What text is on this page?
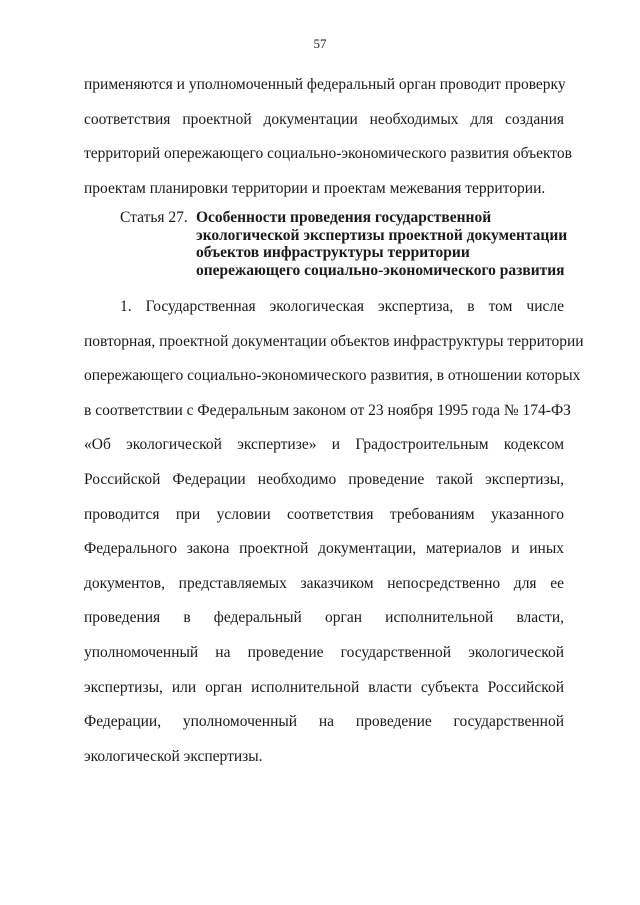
57
применяются и уполномоченный федеральный орган проводит проверку
соответствия проектной документации необходимых для создания
территорий опережающего социально-экономического развития объектов
проектам планировки территории и проектам межевания территории.
Статья 27. Особенности проведения государственной
экологической экспертизы проектной документации
объектов инфраструктуры территории
опережающего социально-экономического развития
1. Государственная экологическая экспертиза, в том числе
повторная, проектной документации объектов инфраструктуры территории
опережающего социально-экономического развития, в отношении которых
в соответствии с Федеральным законом от 23 ноября 1995 года № 174-ФЗ
«Об экологической экспертизе» и Градостроительным кодексом
Российской Федерации необходимо проведение такой экспертизы,
проводится при условии соответствия требованиям указанного
Федерального закона проектной документации, материалов и иных
документов, представляемых заказчиком непосредственно для ее
проведения в федеральный орган исполнительной власти,
уполномоченный на проведение государственной экологической
экспертизы, или орган исполнительной власти субъекта Российской
Федерации, уполномоченный на проведение государственной
экологической экспертизы.
